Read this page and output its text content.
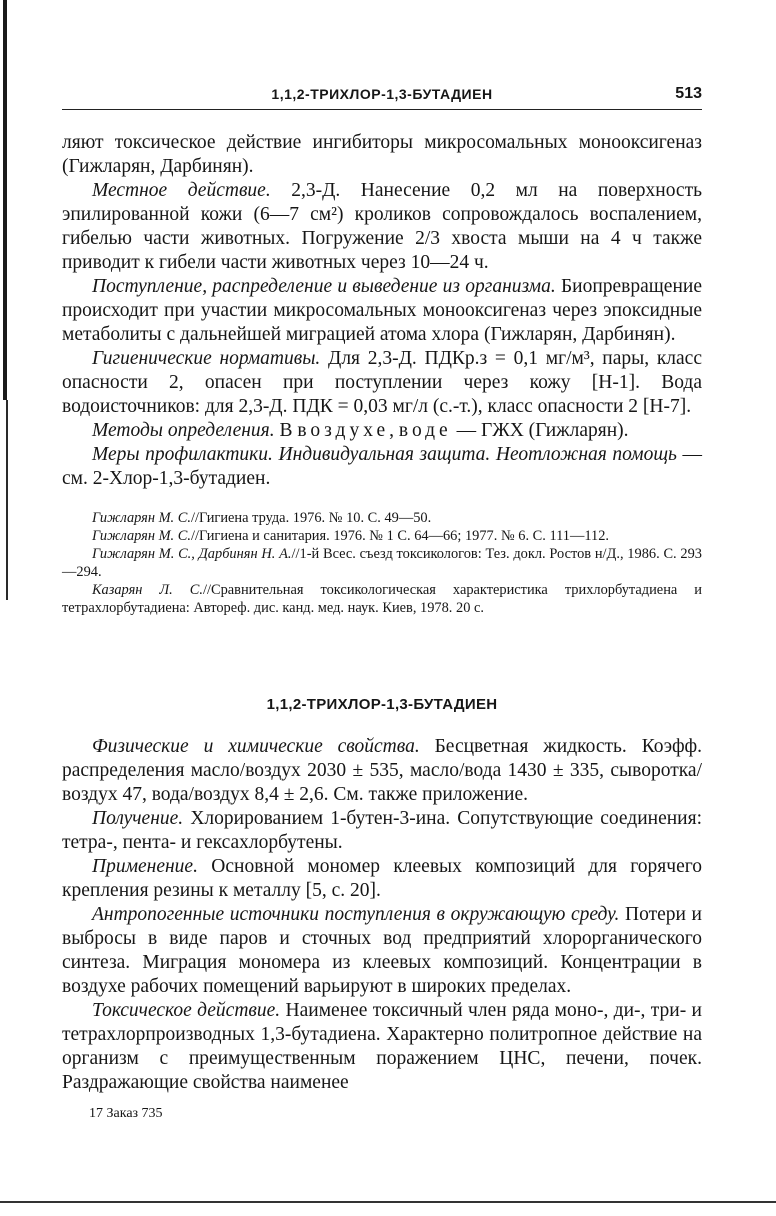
1,1,2-ТРИХЛОР-1,3-БУТАДИЕН	513

ляют токсическое действие ингибиторы микросомальных монооксигеназ (Гижларян, Дарбинян).

Местное действие. 2,3-Д. Нанесение 0,2 мл на поверхность эпилированной кожи (6—7 см²) кроликов сопровождалось воспалением, гибелью части животных. Погружение 2/3 хвоста мыши на 4 ч также приводит к гибели части животных через 10—24 ч.

Поступление, распределение и выведение из организма. Биопревращение происходит при участии микросомальных монооксигеназ через эпоксидные метаболиты с дальнейшей миграцией атома хлора (Гижларян, Дарбинян).

Гигиенические нормативы. Для 2,3-Д. ПДКр.з = 0,1 мг/м³, пары, класс опасности 2, опасен при поступлении через кожу [Н-1]. Вода водоисточников: для 2,3-Д. ПДК = 0,03 мг/л (с.-т.), класс опасности 2 [Н-7].

Методы определения. В воздухе, воде — ГЖХ (Гижларян).

Меры профилактики. Индивидуальная защита. Неотложная помощь — см. 2-Хлор-1,3-бутадиен.

Гижларян М. С.//Гигиена труда. 1976. № 10. С. 49—50.

Гижларян М. С.//Гигиена и санитария. 1976. № 1 С. 64—66; 1977. № 6. С. 111—112.

Гижларян М. С., Дарбинян Н. А.//1-й Всес. съезд токсикологов: Тез. докл. Ростов н/Д., 1986. С. 293—294.

Казарян Л. С.//Сравнительная токсикологическая характеристика трихлорбутадиена и тетрахлорбутадиена: Автореф. дис. канд. мед. наук. Киев, 1978. 20 с.

1,1,2-ТРИХЛОР-1,3-БУТАДИЕН

Физические и химические свойства. Бесцветная жидкость. Коэфф. распределения масло/воздух 2030 ± 535, масло/вода 1430 ± 335, сыворотка/воздух 47, вода/воздух 8,4 ± 2,6. См. также приложение.

Получение. Хлорированием 1-бутен-3-ина. Сопутствующие соединения: тетра-, пента- и гексахлорбутены.

Применение. Основной мономер клеевых композиций для горячего крепления резины к металлу [5, с. 20].

Антропогенные источники поступления в окружающую среду. Потери и выбросы в виде паров и сточных вод предприятий хлорорганического синтеза. Миграция мономера из клеевых композиций. Концентрации в воздухе рабочих помещений варьируют в широких пределах.

Токсическое действие. Наименее токсичный член ряда моно-, ди-, три- и тетрахлорпроизводных 1,3-бутадиена. Характерно политропное действие на организм с преимущественным поражением ЦНС, печени, почек. Раздражающие свойства наименее

17 Заказ 735
